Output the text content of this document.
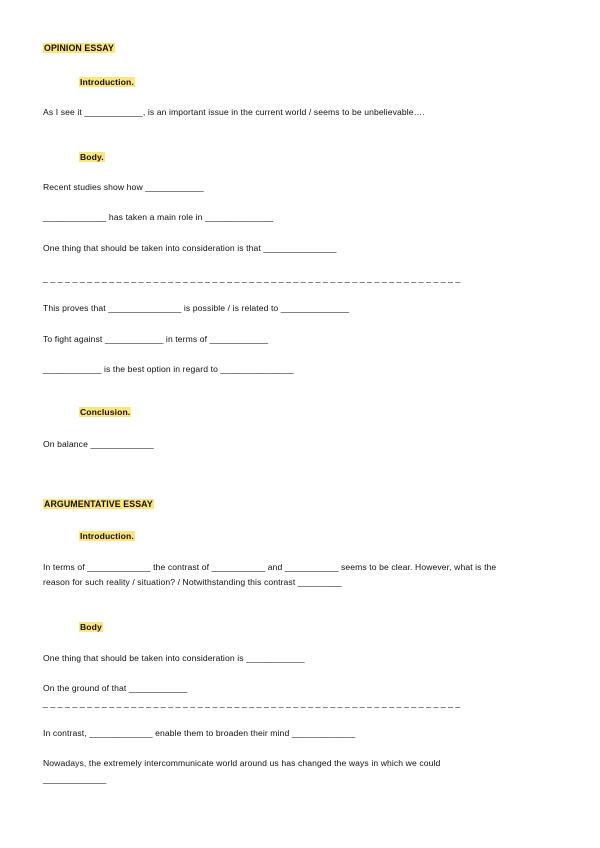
OPINION ESSAY
Introduction.
As I see it ____________, is an important issue in the current world / seems to be unbelievable….
Body.
Recent studies show how ____________
_____________ has taken a main role in ______________
One thing that should be taken into consideration is that _______________
_ _ _ _ _ _ _ _ _ _ _ _ _ _ _ _ _ _ _ _ _ _ _ _ _ _ _ _ _ _ _ _ _ _ _ _ _ _ _ _ _ _ _ _ _ _ _ _ _ _ _ _ _ _ _ _ _
This proves that _______________ is possible / is related to ______________
To fight against ____________ in terms of ____________
____________ is the best option in regard to _______________
Conclusion.
On balance _____________
ARGUMENTATIVE ESSAY
Introduction.
In terms of _____________ the contrast of ___________ and ___________ seems to be clear. However, what is the
reason for such reality / situation? / Notwithstanding this contrast _________
Body
One thing that should be taken into consideration is ____________
On the ground of that ____________
_ _ _ _ _ _ _ _ _ _ _ _ _ _ _ _ _ _ _ _ _ _ _ _ _ _ _ _ _ _ _ _ _ _ _ _ _ _ _ _ _ _ _ _ _ _ _ _ _ _ _ _ _ _ _ _ _
In contrast, _____________ enable them to broaden their mind _____________
Nowadays, the extremely intercommunicate world around us has changed the ways in which we could
_____________
